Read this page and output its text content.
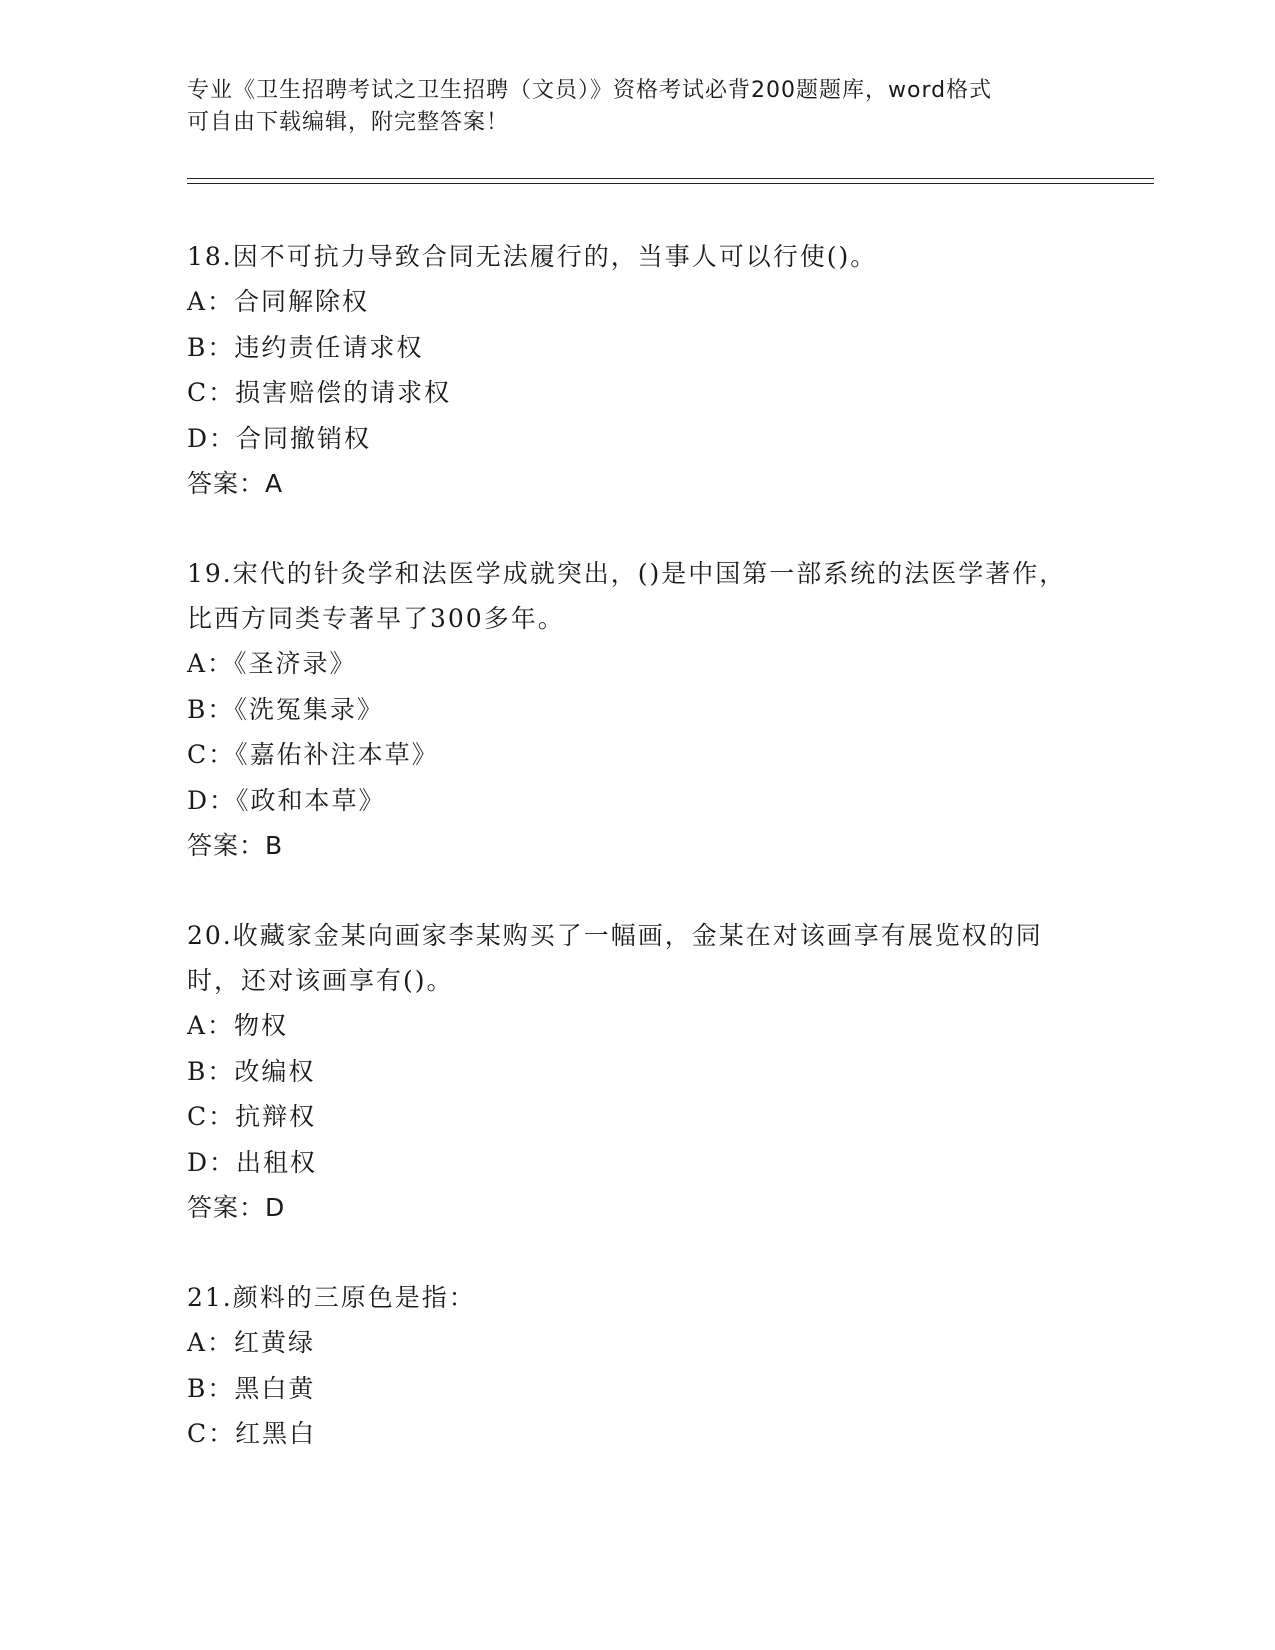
专业《卫生招聘考试之卫生招聘（文员）》资格考试必背200题题库，word格式
可自由下载编辑，附完整答案！
18.因不可抗力导致合同无法履行的，当事人可以行使()。
A：合同解除权
B：违约责任请求权
C：损害赔偿的请求权
D：合同撤销权
答案：A
19.宋代的针灸学和法医学成就突出，()是中国第一部系统的法医学著作，比西方同类专著早了300多年。
A：《圣济录》
B：《洗冤集录》
C：《嘉佑补注本草》
D：《政和本草》
答案：B
20.收藏家金某向画家李某购买了一幅画，金某在对该画享有展览权的同时，还对该画享有()。
A：物权
B：改编权
C：抗辩权
D：出租权
答案：D
21.颜料的三原色是指：
A：红黄绿
B：黑白黄
C：红黑白
